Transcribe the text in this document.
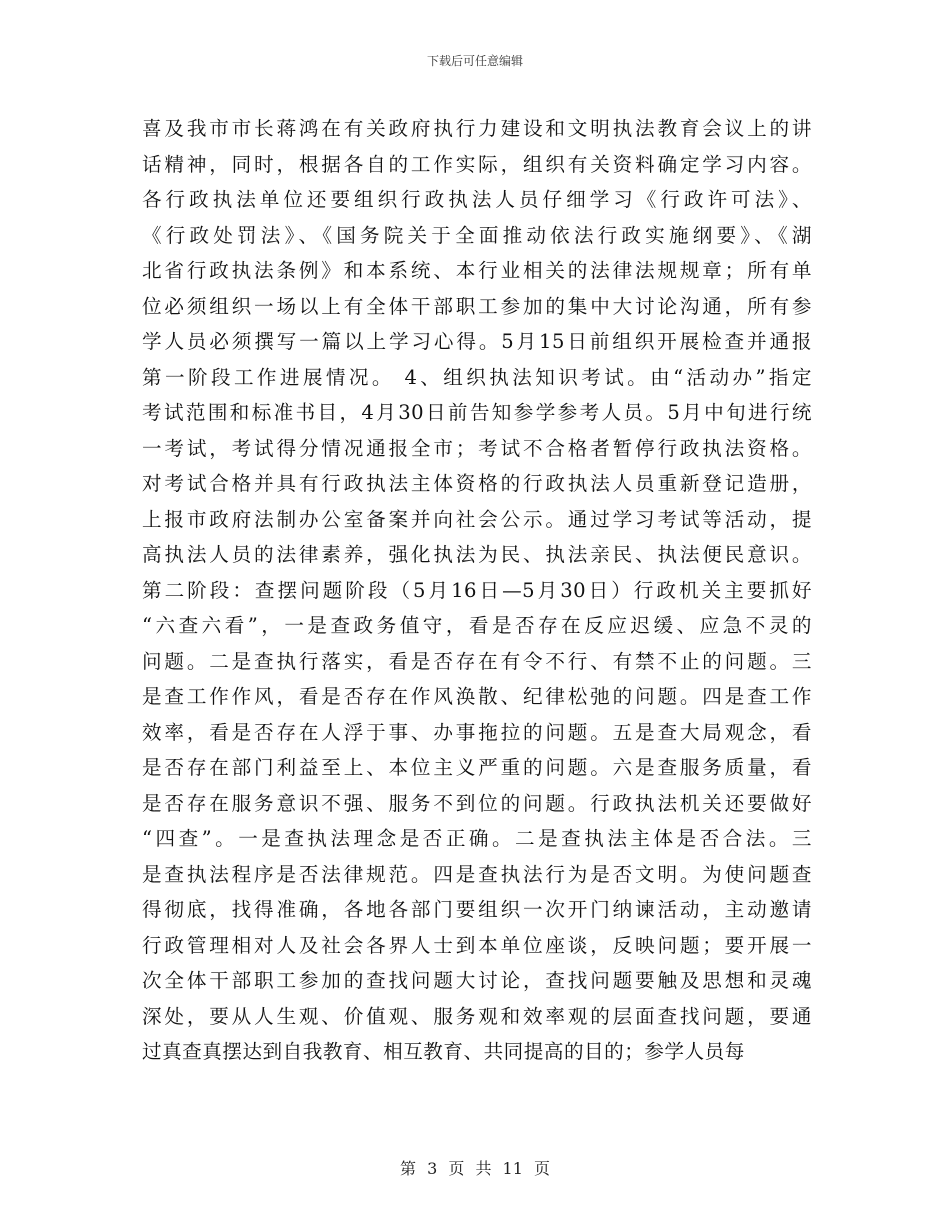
下载后可任意编辑
喜及我市市长蒋鸿在有关政府执行力建设和文明执法教育会议上的讲
话精神，同时，根据各自的工作实际，组织有关资料确定学习内容。
各行政执法单位还要组织行政执法人员仔细学习《行政许可法》、
《行政处罚法》、《国务院关于全面推动依法行政实施纲要》、《湖
北省行政执法条例》和本系统、本行业相关的法律法规规章；所有单
位必须组织一场以上有全体干部职工参加的集中大讨论沟通，所有参
学人员必须撰写一篇以上学习心得。5月15日前组织开展检查并通报
第一阶段工作进展情况。 4、组织执法知识考试。由“活动办”指定
考试范围和标准书目，4月30日前告知参学参考人员。5月中旬进行统
一考试，考试得分情况通报全市；考试不合格者暂停行政执法资格。
对考试合格并具有行政执法主体资格的行政执法人员重新登记造册，
上报市政府法制办公室备案并向社会公示。通过学习考试等活动，提
高执法人员的法律素养，强化执法为民、执法亲民、执法便民意识。
第二阶段：查摆问题阶段（5月16日—5月30日）行政机关主要抓好
“六查六看”，一是查政务值守，看是否存在反应迟缓、应急不灵的
问题。二是查执行落实，看是否存在有令不行、有禁不止的问题。三
是查工作作风，看是否存在作风涣散、纪律松弛的问题。四是查工作
效率，看是否存在人浮于事、办事拖拉的问题。五是查大局观念，看
是否存在部门利益至上、本位主义严重的问题。六是查服务质量，看
是否存在服务意识不强、服务不到位的问题。行政执法机关还要做好
“四查”。一是查执法理念是否正确。二是查执法主体是否合法。三
是查执法程序是否法律规范。四是查执法行为是否文明。为使问题查
得彻底，找得准确，各地各部门要组织一次开门纳谏活动，主动邀请
行政管理相对人及社会各界人士到本单位座谈，反映问题；要开展一
次全体干部职工参加的查找问题大讨论，查找问题要触及思想和灵魂
深处，要从人生观、价值观、服务观和效率观的层面查找问题，要通
过真查真摆达到自我教育、相互教育、共同提高的目的；参学人员每
第 3 页 共 11 页
